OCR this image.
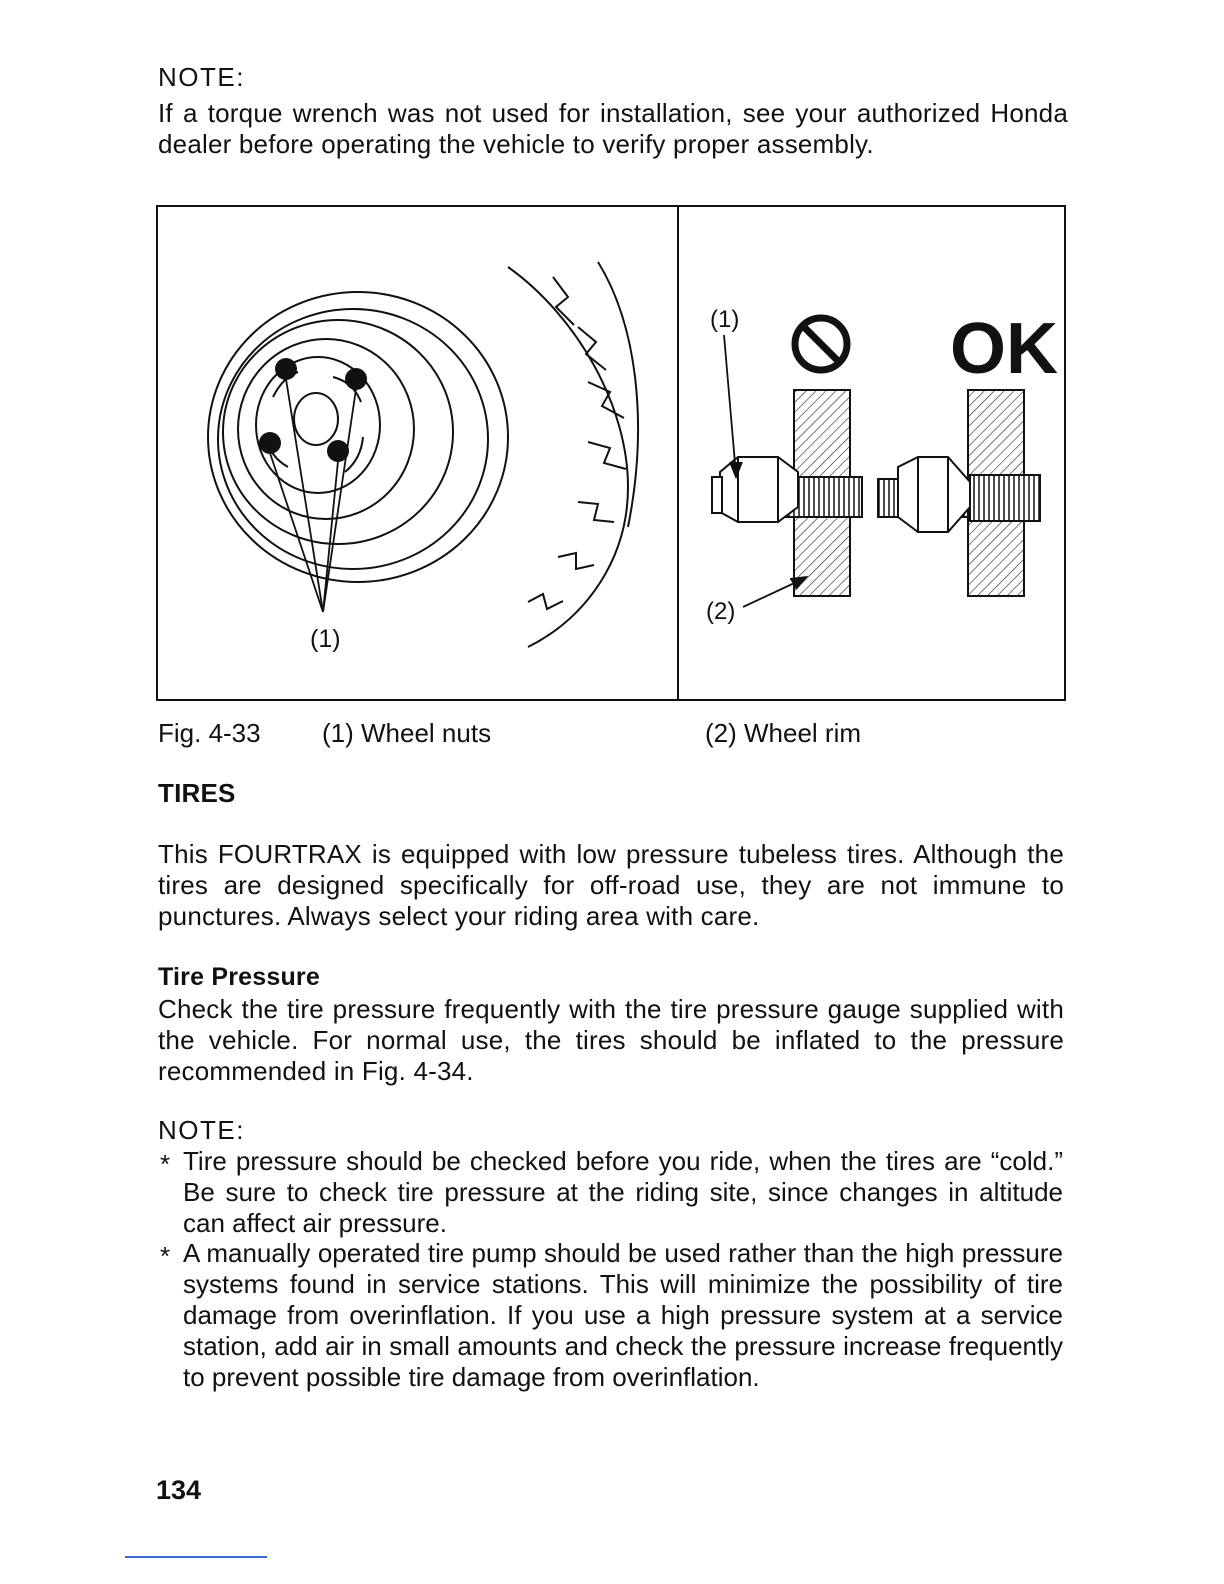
NOTE:
If a torque wrench was not used for installation, see your authorized Honda dealer before operating the vehicle to verify proper assembly.
(1)
(1)	OK
(2)
Fig. 4-33 (1) Wheel nuts	(2) Wheel rim
TIRES
This FOURTRAX is equipped with low pressure tubeless tires. Although the tires are designed specifically for off-road use, they are not immune to punctures. Always select your riding area with care.
Tire Pressure
Check the tire pressure frequently with the tire pressure gauge supplied with the vehicle. For normal use, the tires should be inflated to the pressure recommended in Fig. 4-34.
NOTE:
* Tire pressure should be checked before you ride, when the tires are “cold.” Be sure to check tire pressure at the riding site, since changes in altitude can affect air pressure.
* A manually operated tire pump should be used rather than the high pressure systems found in service stations. This will minimize the possibility of tire damage from overinflation. If you use a high pressure system at a service station, add air in small amounts and check the pressure increase frequently to prevent possible tire damage from overinflation.
134
